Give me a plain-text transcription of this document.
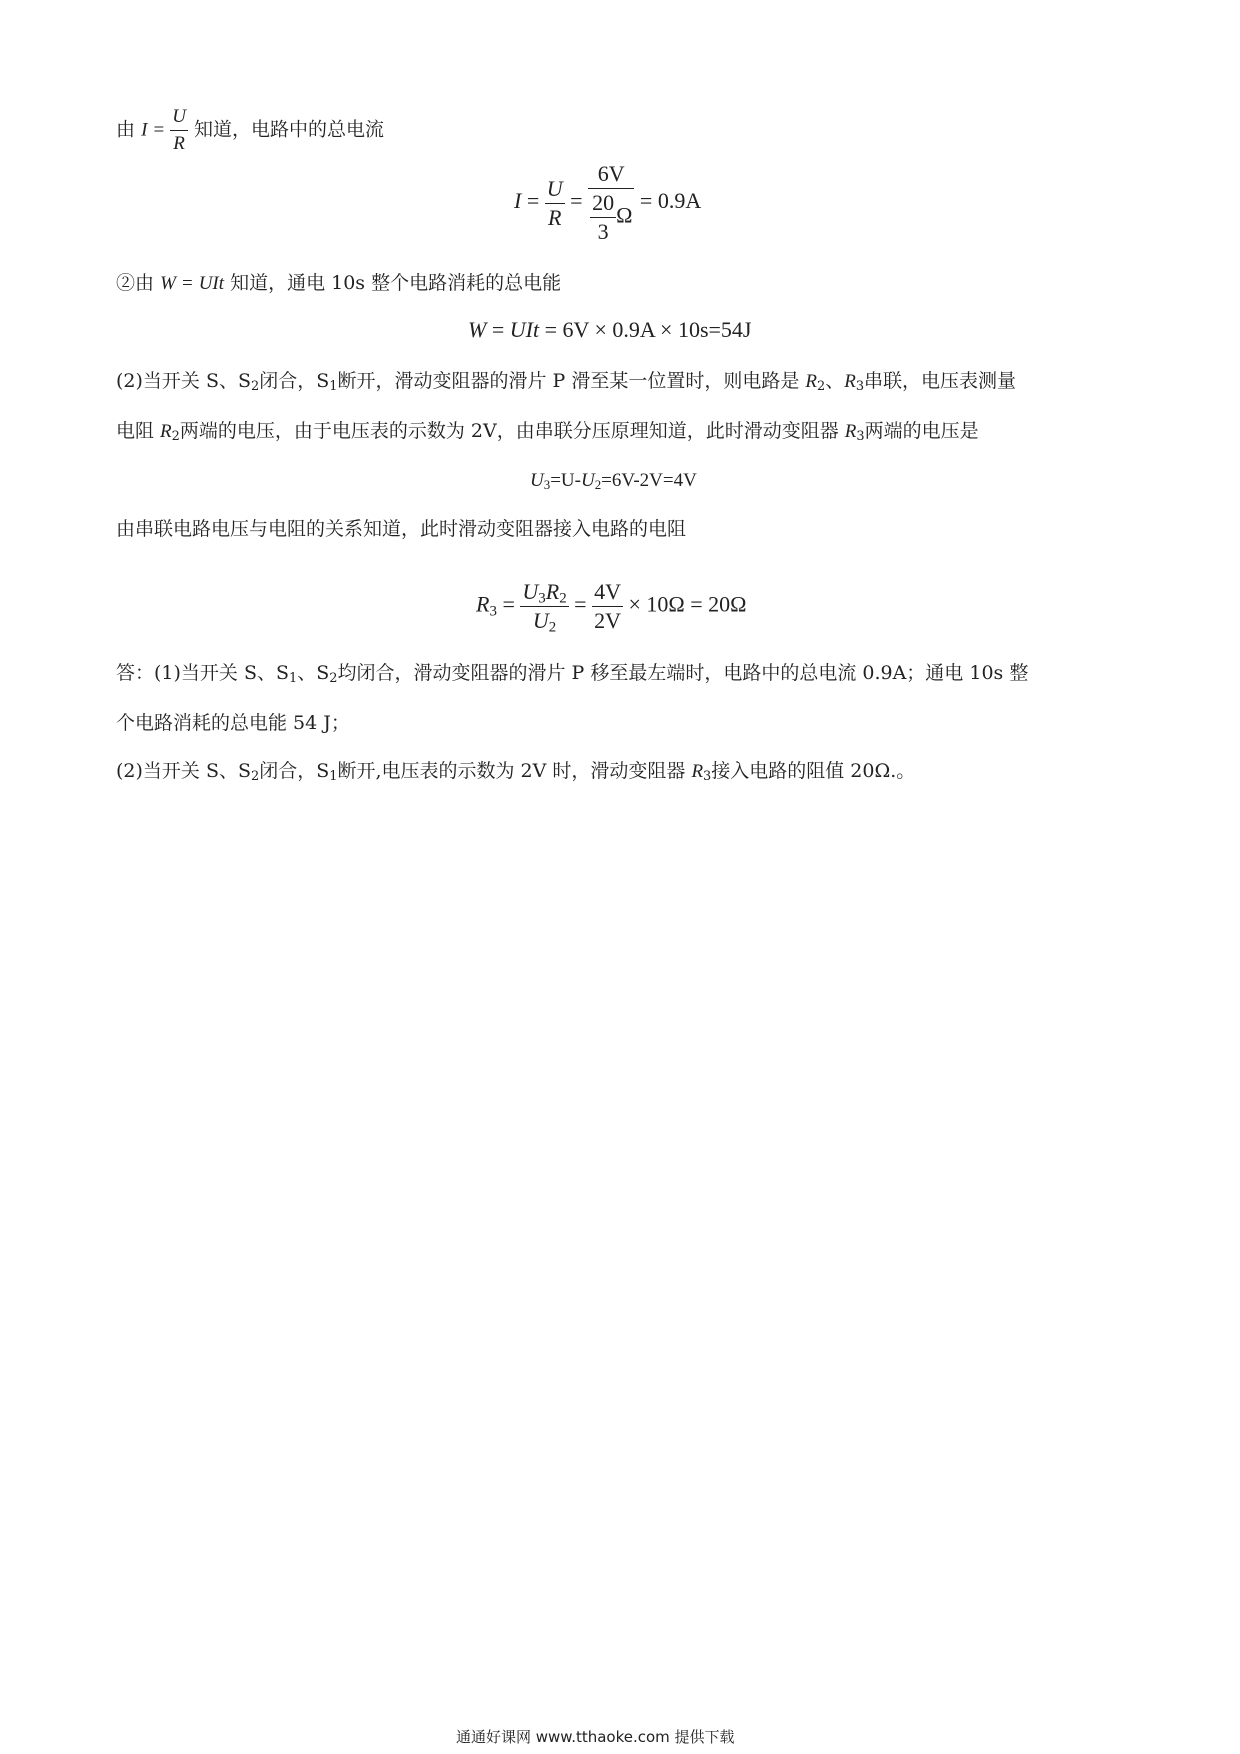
由 $I = \frac{U}{R}$ 知道，电路中的总电流
$I = \frac{U}{R} = \frac{6V}{\frac{20}{3} \Omega} = 0.9A$
②由 W = UIt 知道，通电 10s 整个电路消耗的总电能
W = UIt = 6V × 0.9A × 10s=54J
(2)当开关 S、$S_2$闭合，$S_1$断开，滑动变阻器的滑片 P 滑至某一位置时，则电路是 $R_2$、$R_3$串联，电压表测量
电阻 $R_2$两端的电压，由于电压表的示数为 2V，由串联分压原理知道，此时滑动变阻器 $R_3$两端的电压是
$U_3=U-U_2=6V-2V=4V$
由串联电路电压与电阻的关系知道，此时滑动变阻器接入电路的电阻
$R_3 = \frac{U_3R_2}{U_2} = \frac{4V}{2V} \times 10\Omega = 20\Omega$
答：(1)当开关 S、$S_1$、$S_2$均闭合，滑动变阻器的滑片 P 移至最左端时，电路中的总电流 0.9A；通电 10s 整
个电路消耗的总电能 54 J；
(2)当开关 S、$S_2$闭合，$S_1$断开,电压表的示数为 2V 时，滑动变阻器 $R_3$接入电路的阻值 20Ω.。
通通好课网 www.tthaoke.com 提供下载
